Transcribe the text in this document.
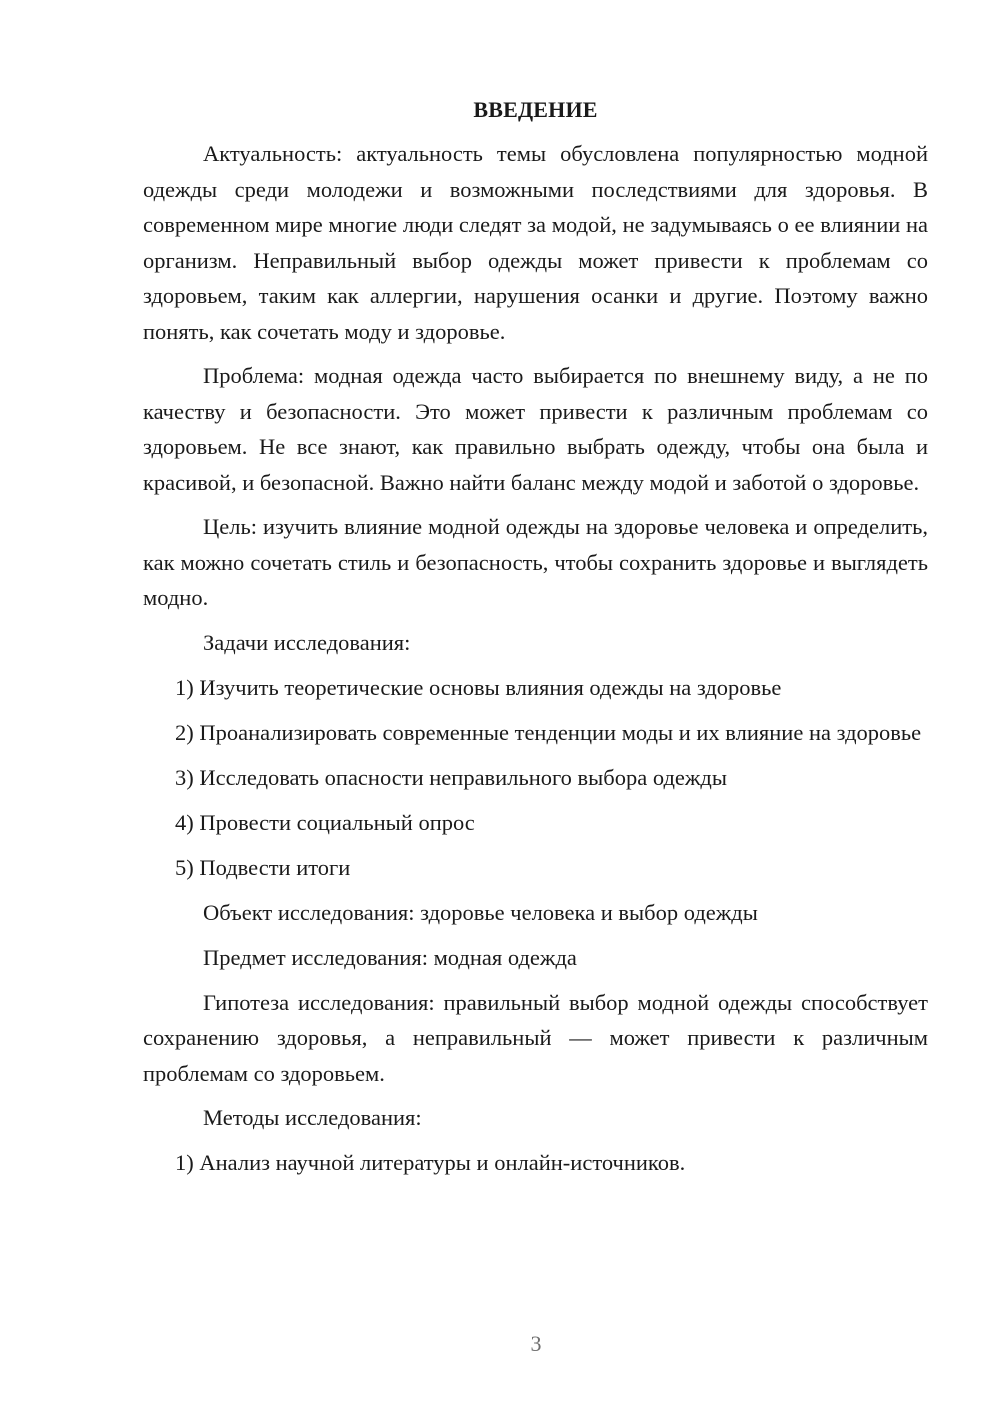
ВВЕДЕНИЕ

Актуальность: актуальность темы обусловлена популярностью модной одежды среди молодежи и возможными последствиями для здоровья. В современном мире многие люди следят за модой, не задумываясь о ее влиянии на организм. Неправильный выбор одежды может привести к проблемам со здоровьем, таким как аллергии, нарушения осанки и другие. Поэтому важно понять, как сочетать моду и здоровье.

Проблема: модная одежда часто выбирается по внешнему виду, а не по качеству и безопасности. Это может привести к различным проблемам со здоровьем. Не все знают, как правильно выбрать одежду, чтобы она была и красивой, и безопасной. Важно найти баланс между модой и заботой о здоровье.

Цель: изучить влияние модной одежды на здоровье человека и определить, как можно сочетать стиль и безопасность, чтобы сохранить здоровье и выглядеть модно.

Задачи исследования:

1) Изучить теоретические основы влияния одежды на здоровье

2) Проанализировать современные тенденции моды и их влияние на здоровье

3) Исследовать опасности неправильного выбора одежды

4) Провести социальный опрос

5) Подвести итоги

Объект исследования: здоровье человека и выбор одежды

Предмет исследования: модная одежда

Гипотеза исследования: правильный выбор модной одежды способствует сохранению здоровья, а неправильный — может привести к различным проблемам со здоровьем.

Методы исследования:

1) Анализ научной литературы и онлайн-источников.

3
